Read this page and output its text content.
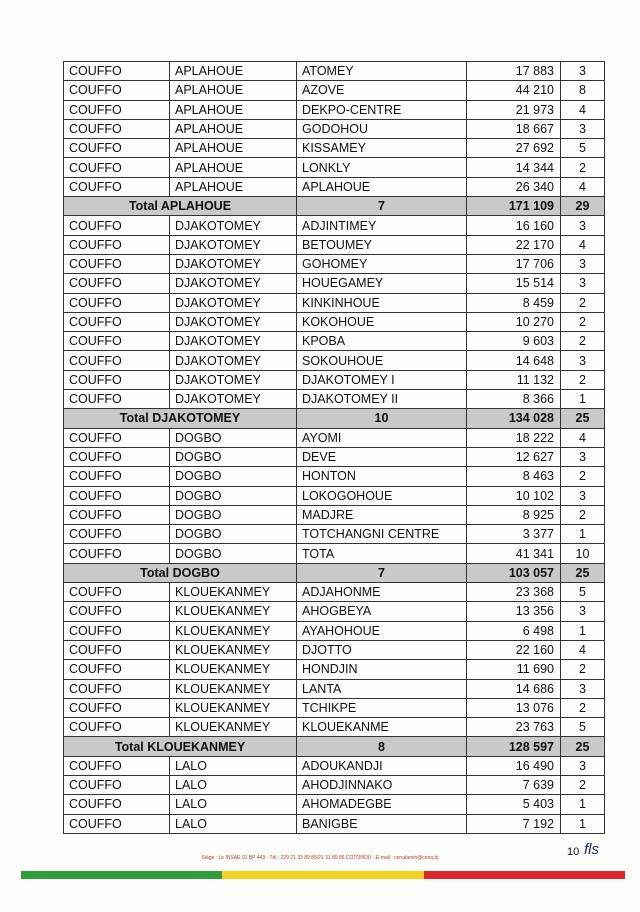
COUFFO	APLAHOUE	ATOMEY	17 883	3
COUFFO	APLAHOUE	AZOVE	44 210	8
COUFFO	APLAHOUE	DEKPO-CENTRE	21 973	4
COUFFO	APLAHOUE	GODOHOU	18 667	3
COUFFO	APLAHOUE	KISSAMEY	27 692	5
COUFFO	APLAHOUE	LONKLY	14 344	2
COUFFO	APLAHOUE	APLAHOUE	26 340	4
Total APLAHOUE		7	171 109	29
COUFFO	DJAKOTOMEY	ADJINTIMEY	16 160	3
COUFFO	DJAKOTOMEY	BETOUMEY	22 170	4
COUFFO	DJAKOTOMEY	GOHOMEY	17 706	3
COUFFO	DJAKOTOMEY	HOUEGAMEY	15 514	3
COUFFO	DJAKOTOMEY	KINKINHOUE	8 459	2
COUFFO	DJAKOTOMEY	KOKOHOUE	10 270	2
COUFFO	DJAKOTOMEY	KPOBA	9 603	2
COUFFO	DJAKOTOMEY	SOKOUHOUE	14 648	3
COUFFO	DJAKOTOMEY	DJAKOTOMEY I	11 132	2
COUFFO	DJAKOTOMEY	DJAKOTOMEY II	8 366	1
Total DJAKOTOMEY		10	134 028	25
COUFFO	DOGBO	AYOMI	18 222	4
COUFFO	DOGBO	DEVE	12 627	3
COUFFO	DOGBO	HONTON	8 463	2
COUFFO	DOGBO	LOKOGOHOUE	10 102	3
COUFFO	DOGBO	MADJRE	8 925	2
COUFFO	DOGBO	TOTCHANGNI CENTRE	3 377	1
COUFFO	DOGBO	TOTA	41 341	10
Total DOGBO		7	103 057	25
COUFFO	KLOUEKANMEY	ADJAHONME	23 368	5
COUFFO	KLOUEKANMEY	AHOGBEYA	13 356	3
COUFFO	KLOUEKANMEY	AYAHOHOUE	6 498	1
COUFFO	KLOUEKANMEY	DJOTTO	22 160	4
COUFFO	KLOUEKANMEY	HONDJIN	11 690	2
COUFFO	KLOUEKANMEY	LANTA	14 686	3
COUFFO	KLOUEKANMEY	TCHIKPE	13 076	2
COUFFO	KLOUEKANMEY	KLOUEKANME	23 763	5
Total KLOUEKANMEY		8	128 597	25
COUFFO	LALO	ADOUKANDJI	16 490	3
COUFFO	LALO	AHODJINNAKO	7 639	2
COUFFO	LALO	AHOMADEGBE	5 403	1
COUFFO	LALO	BANIGBE	7 192	1
Siège : Le INSAE 01 BP 443 - Tél : 229 21 33 89 85/21 31 89 86 COTONOU - E-mail : cenabenin@cena.bj	10 fls
